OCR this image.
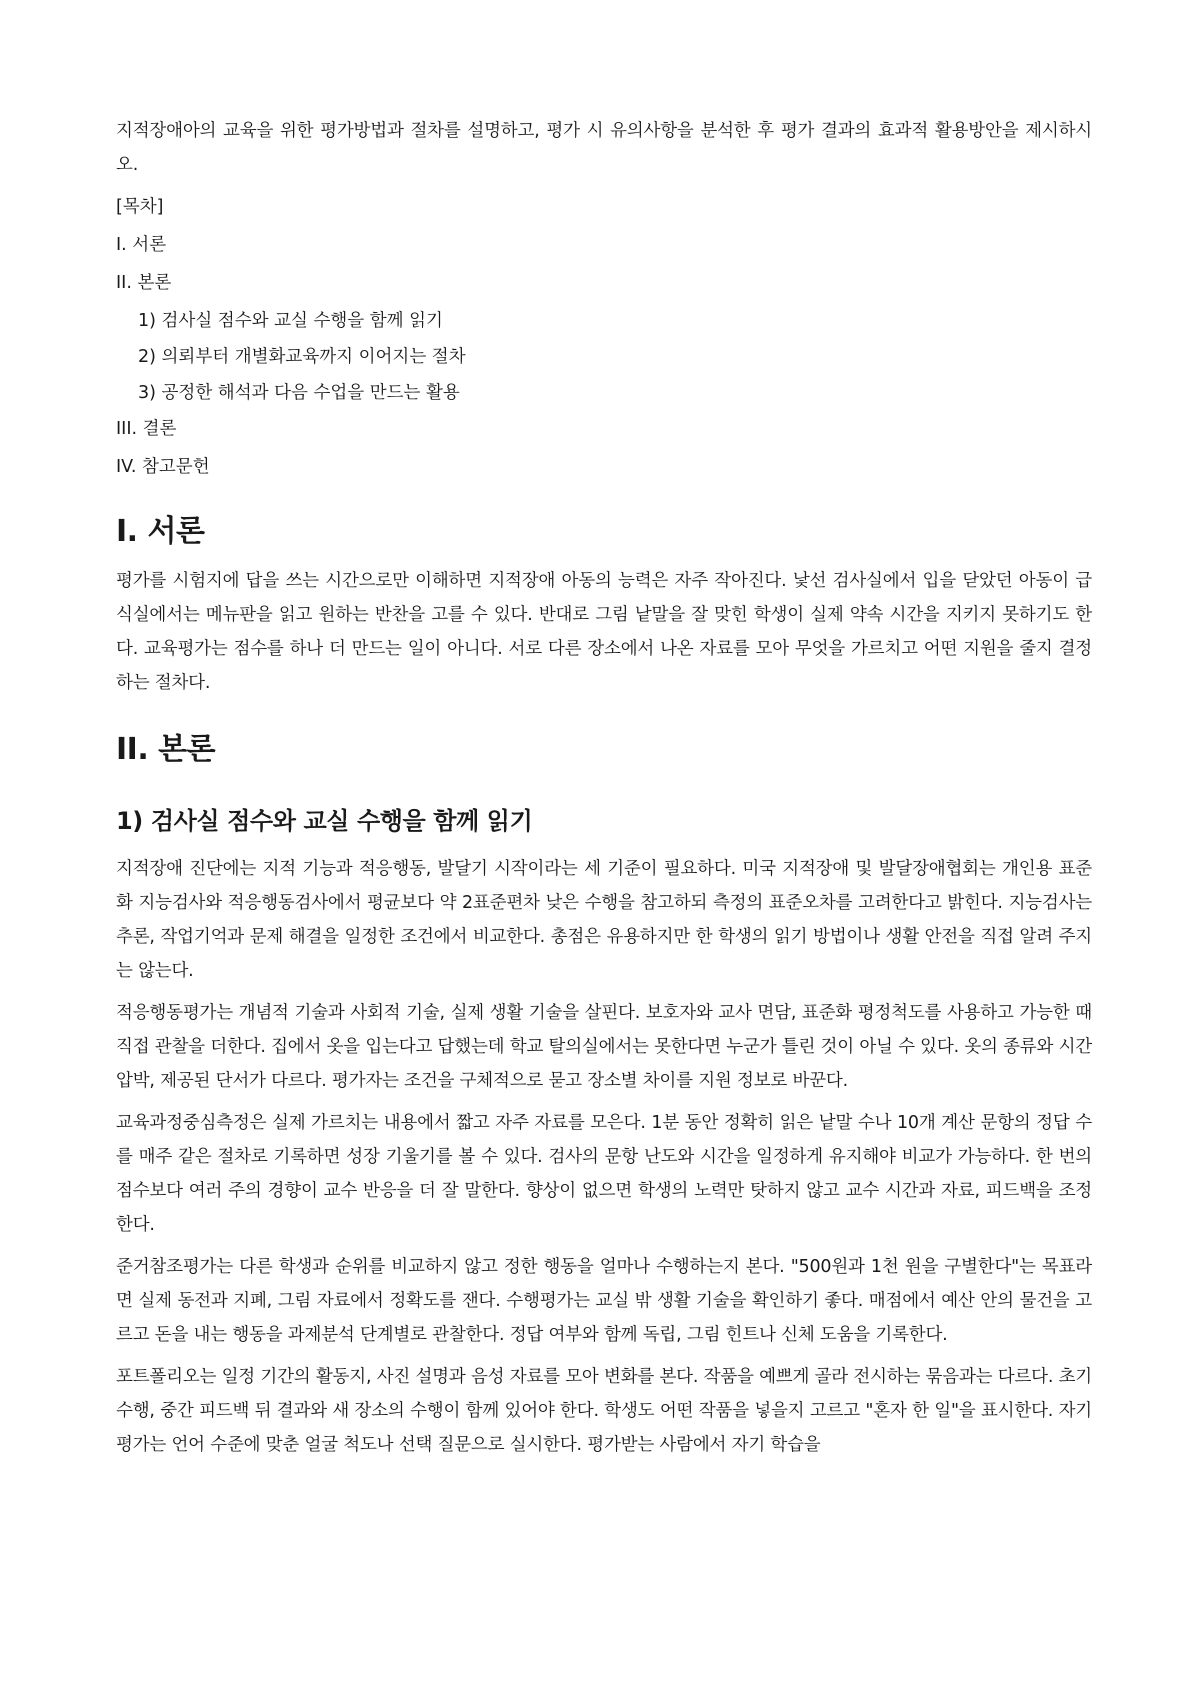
지적장애아의 교육을 위한 평가방법과 절차를 설명하고, 평가 시 유의사항을 분석한 후 평가 결과의 효과적 활용방안을 제시하시오.

[목차]

I. 서론

II. 본론

1) 검사실 점수와 교실 수행을 함께 읽기

2) 의뢰부터 개별화교육까지 이어지는 절차

3) 공정한 해석과 다음 수업을 만드는 활용

III. 결론

IV. 참고문헌

I. 서론

평가를 시험지에 답을 쓰는 시간으로만 이해하면 지적장애 아동의 능력은 자주 작아진다. 낯선 검사실에서 입을 닫았던 아동이 급식실에서는 메뉴판을 읽고 원하는 반찬을 고를 수 있다. 반대로 그림 낱말을 잘 맞힌 학생이 실제 약속 시간을 지키지 못하기도 한다. 교육평가는 점수를 하나 더 만드는 일이 아니다. 서로 다른 장소에서 나온 자료를 모아 무엇을 가르치고 어떤 지원을 줄지 결정하는 절차다.

II. 본론
1) 검사실 점수와 교실 수행을 함께 읽기

지적장애 진단에는 지적 기능과 적응행동, 발달기 시작이라는 세 기준이 필요하다. 미국 지적장애 및 발달장애협회는 개인용 표준화 지능검사와 적응행동검사에서 평균보다 약 2표준편차 낮은 수행을 참고하되 측정의 표준오차를 고려한다고 밝힌다. 지능검사는 추론, 작업기억과 문제 해결을 일정한 조건에서 비교한다. 총점은 유용하지만 한 학생의 읽기 방법이나 생활 안전을 직접 알려 주지는 않는다.

적응행동평가는 개념적 기술과 사회적 기술, 실제 생활 기술을 살핀다. 보호자와 교사 면담, 표준화 평정척도를 사용하고 가능한 때 직접 관찰을 더한다. 집에서 옷을 입는다고 답했는데 학교 탈의실에서는 못한다면 누군가 틀린 것이 아닐 수 있다. 옷의 종류와 시간 압박, 제공된 단서가 다르다. 평가자는 조건을 구체적으로 묻고 장소별 차이를 지원 정보로 바꾼다.

교육과정중심측정은 실제 가르치는 내용에서 짧고 자주 자료를 모은다. 1분 동안 정확히 읽은 낱말 수나 10개 계산 문항의 정답 수를 매주 같은 절차로 기록하면 성장 기울기를 볼 수 있다. 검사의 문항 난도와 시간을 일정하게 유지해야 비교가 가능하다. 한 번의 점수보다 여러 주의 경향이 교수 반응을 더 잘 말한다. 향상이 없으면 학생의 노력만 탓하지 않고 교수 시간과 자료, 피드백을 조정한다.

준거참조평가는 다른 학생과 순위를 비교하지 않고 정한 행동을 얼마나 수행하는지 본다. "500원과 1천 원을 구별한다"는 목표라면 실제 동전과 지폐, 그림 자료에서 정확도를 잰다. 수행평가는 교실 밖 생활 기술을 확인하기 좋다. 매점에서 예산 안의 물건을 고르고 돈을 내는 행동을 과제분석 단계별로 관찰한다. 정답 여부와 함께 독립, 그림 힌트나 신체 도움을 기록한다.

포트폴리오는 일정 기간의 활동지, 사진 설명과 음성 자료를 모아 변화를 본다. 작품을 예쁘게 골라 전시하는 묶음과는 다르다. 초기 수행, 중간 피드백 뒤 결과와 새 장소의 수행이 함께 있어야 한다. 학생도 어떤 작품을 넣을지 고르고 "혼자 한 일"을 표시한다. 자기평가는 언어 수준에 맞춘 얼굴 척도나 선택 질문으로 실시한다. 평가받는 사람에서 자기 학습을
